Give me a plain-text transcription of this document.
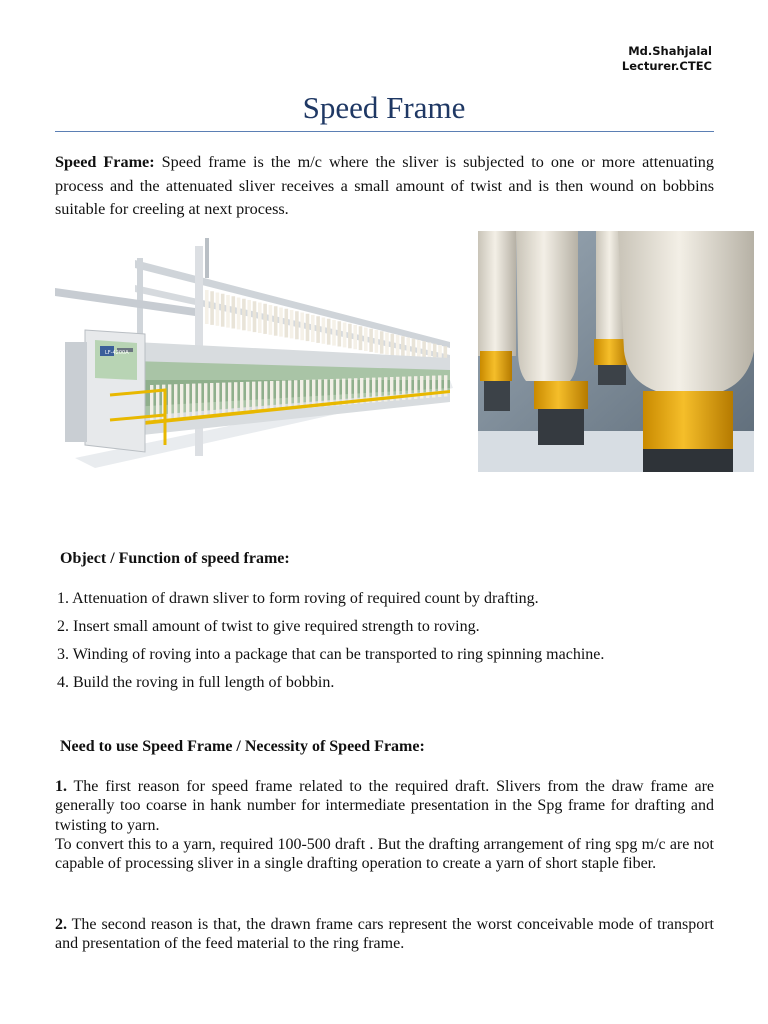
Md.Shahjalal
Lecturer.CTEC
Speed Frame

Speed Frame: Speed frame is the m/c where the sliver is subjected to one or more attenuating process and the attenuated sliver receives a small amount of twist and is then wound on bobbins suitable for creeling at next process.

LF-4200A
Object / Function of speed frame:
1. Attenuation of drawn sliver to form roving of required count by drafting.
2. Insert small amount of twist to give required strength to roving.
3. Winding of roving into a package that can be transported to ring spinning machine.
4. Build the roving in full length of bobbin.
Need to use Speed Frame / Necessity of Speed Frame:
1. The first reason for speed frame related to the required draft. Slivers from the draw frame are generally too coarse in hank number for intermediate presentation in the Spg frame for drafting and twisting to yarn.
To convert this to a yarn, required 100-500 draft . But the drafting arrangement of ring spg m/c are not capable of processing sliver in a single drafting operation to create a yarn of short staple fiber.
2. The second reason is that, the drawn frame cars represent the worst conceivable mode of transport and presentation of the feed material to the ring frame.
